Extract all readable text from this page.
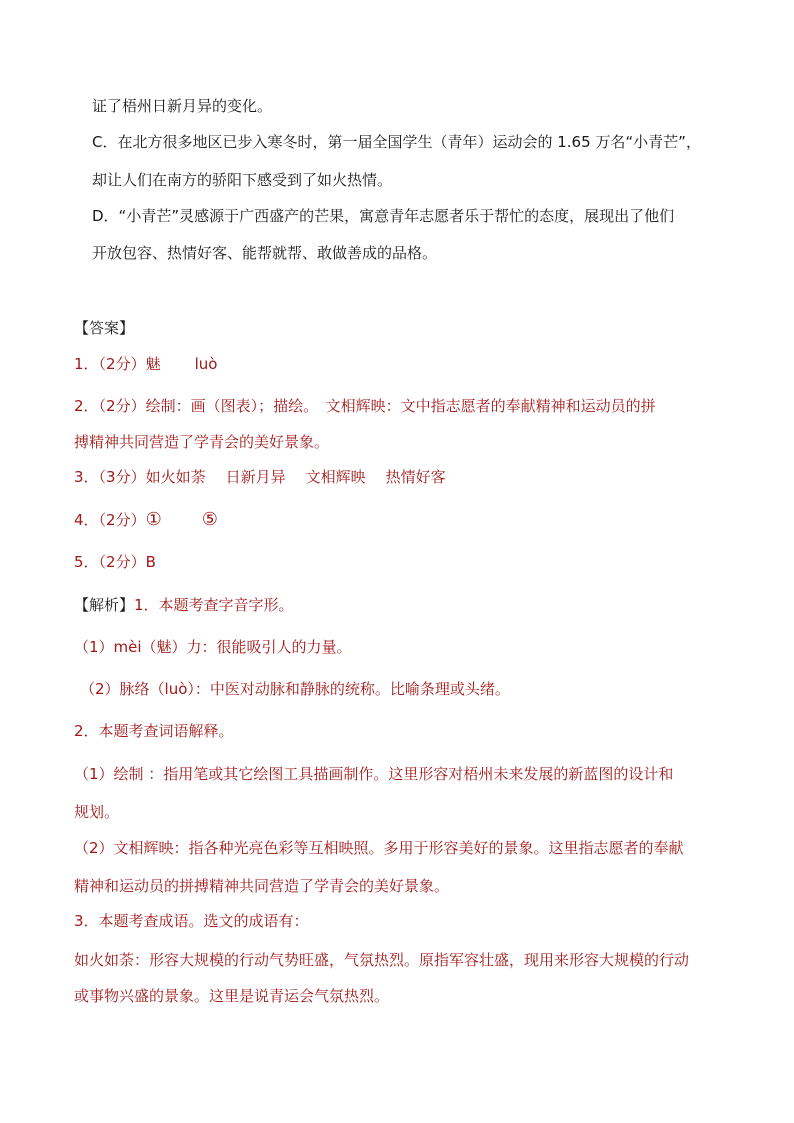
证了梧州日新月异的变化。
C．在北方很多地区已步入寒冬时，第一届全国学生（青年）运动会的 1.65 万名“小青芒”，
却让人们在南方的骄阳下感受到了如火热情。
D．“小青芒”灵感源于广西盛产的芒果，寓意青年志愿者乐于帮忙的态度，展现出了他们
开放包容、热情好客、能帮就帮、敢做善成的品格。
【答案】
1．（2分）魅 luò
2．（2分）绘制：画（图表）；描绘。　文相辉映：文中指志愿者的奉献精神和运动员的拼
搏精神共同营造了学青会的美好景象。
3．（3分）如火如荼 日新月异 文相辉映 热情好客
4．（2分）① ⑤
5．（2分）B
【解析】1．本题考查字音字形。
（1）mèi（魅）力：很能吸引人的力量。
（2）脉络（luò）：中医对动脉和静脉的统称。比喻条理或头绪。
2．本题考查词语解释。
（1）绘制 ：指用笔或其它绘图工具描画制作。这里形容对梧州未来发展的新蓝图的设计和
规划。
（2）文相辉映：指各种光亮色彩等互相映照。多用于形容美好的景象。这里指志愿者的奉献
精神和运动员的拼搏精神共同营造了学青会的美好景象。
3．本题考查成语。选文的成语有：
如火如荼：形容大规模的行动气势旺盛，气氛热烈。原指军容壮盛，现用来形容大规模的行动
或事物兴盛的景象。这里是说青运会气氛热烈。
